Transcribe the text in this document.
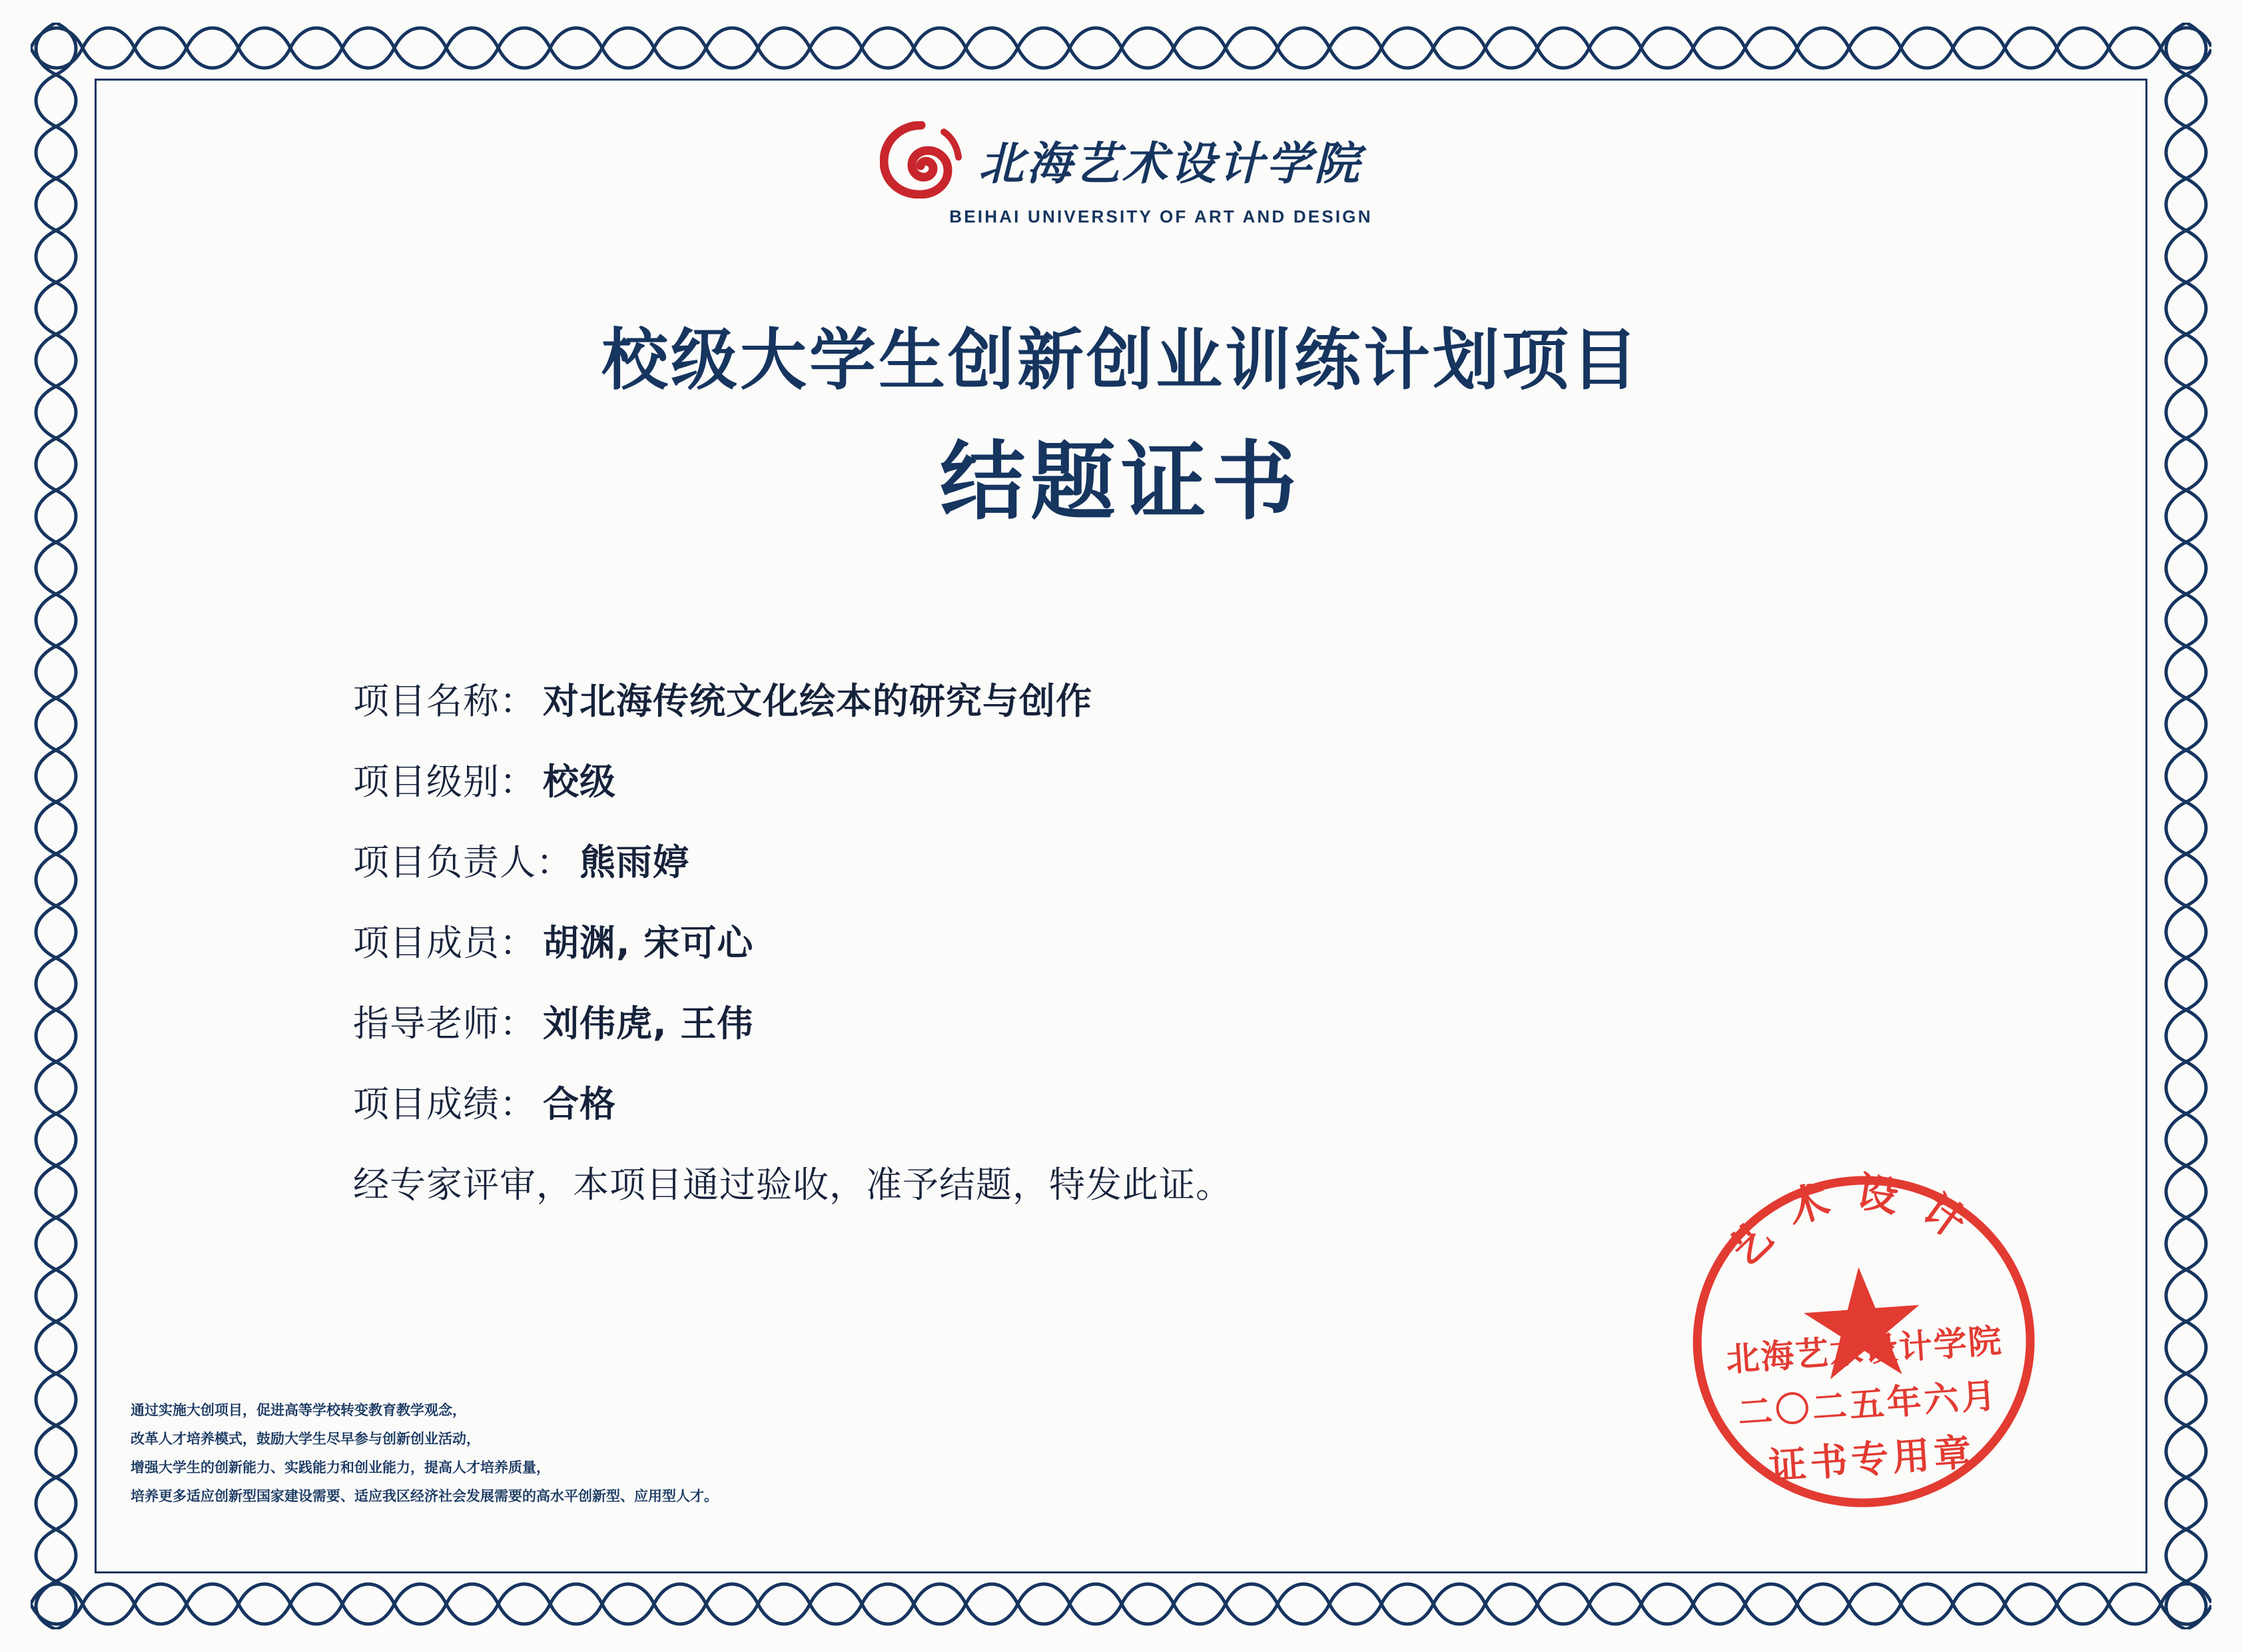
北海艺术设计学院
BEIHAI UNIVERSITY OF ART AND DESIGN
校级大学生创新创业训练计划项目
结题证书
项目名称： 对北海传统文化绘本的研究与创作
项目级别： 校级
项目负责人： 熊雨婷
项目成员： 胡渊, 宋可心
指导老师： 刘伟虎, 王伟
项目成绩： 合格
经专家评审，本项目通过验收，准予结题，特发此证。
通过实施大创项目，促进高等学校转变教育教学观念，
改革人才培养模式，鼓励大学生尽早参与创新创业活动，
增强大学生的创新能力、实践能力和创业能力，提高人才培养质量，
培养更多适应创新型国家建设需要、适应我区经济社会发展需要的高水平创新型、应用型人才。
艺术设计
北海艺术设计学院
二〇二五年六月
证书专用章
